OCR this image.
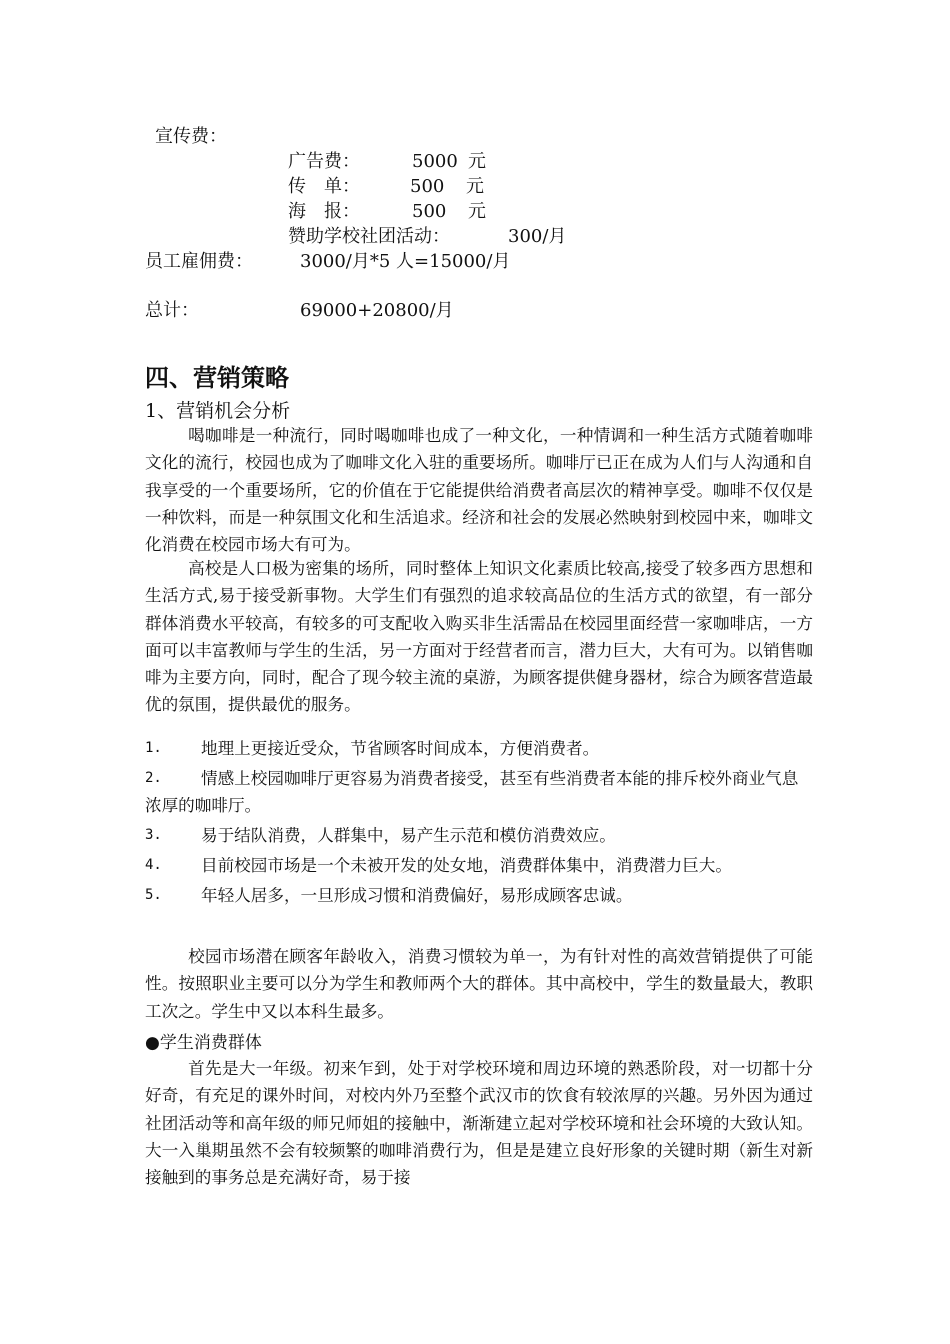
宣传费：
广告费：	5000 元
传　单：	500 元
海　报：	500 元
赞助学校社团活动：	300/月
员工雇佣费：	3000/月*5 人=15000/月
总计：	69000+20800/月
四、营销策略
1、营销机会分析
喝咖啡是一种流行，同时喝咖啡也成了一种文化，一种情调和一种生活方式随着咖啡文化的流行，校园也成为了咖啡文化入驻的重要场所。咖啡厅已正在成为人们与人沟通和自我享受的一个重要场所，它的价值在于它能提供给消费者高层次的精神享受。咖啡不仅仅是一种饮料，而是一种氛围文化和生活追求。经济和社会的发展必然映射到校园中来，咖啡文化消费在校园市场大有可为。
高校是人口极为密集的场所，同时整体上知识文化素质比较高,接受了较多西方思想和生活方式,易于接受新事物。大学生们有强烈的追求较高品位的生活方式的欲望，有一部分群体消费水平较高，有较多的可支配收入购买非生活需品在校园里面经营一家咖啡店，一方面可以丰富教师与学生的生活，另一方面对于经营者而言，潜力巨大，大有可为。以销售咖啡为主要方向，同时，配合了现今较主流的桌游，为顾客提供健身器材，综合为顾客营造最优的氛围，提供最优的服务。
1.	地理上更接近受众，节省顾客时间成本，方便消费者。
2.	情感上校园咖啡厅更容易为消费者接受，甚至有些消费者本能的排斥校外商业气息浓厚的咖啡厅。
3.	易于结队消费，人群集中，易产生示范和模仿消费效应。
4.	目前校园市场是一个未被开发的处女地，消费群体集中，消费潜力巨大。
5.	年轻人居多，一旦形成习惯和消费偏好，易形成顾客忠诚。
校园市场潜在顾客年龄收入，消费习惯较为单一，为有针对性的高效营销提供了可能性。按照职业主要可以分为学生和教师两个大的群体。其中高校中，学生的数量最大，教职工次之。学生中又以本科生最多。
●学生消费群体
首先是大一年级。初来乍到，处于对学校环境和周边环境的熟悉阶段，对一切都十分好奇，有充足的课外时间，对校内外乃至整个武汉市的饮食有较浓厚的兴趣。另外因为通过社团活动等和高年级的师兄师姐的接触中，渐渐建立起对学校环境和社会环境的大致认知。大一入巢期虽然不会有较频繁的咖啡消费行为，但是是建立良好形象的关键时期（新生对新接触到的事务总是充满好奇，易于接
